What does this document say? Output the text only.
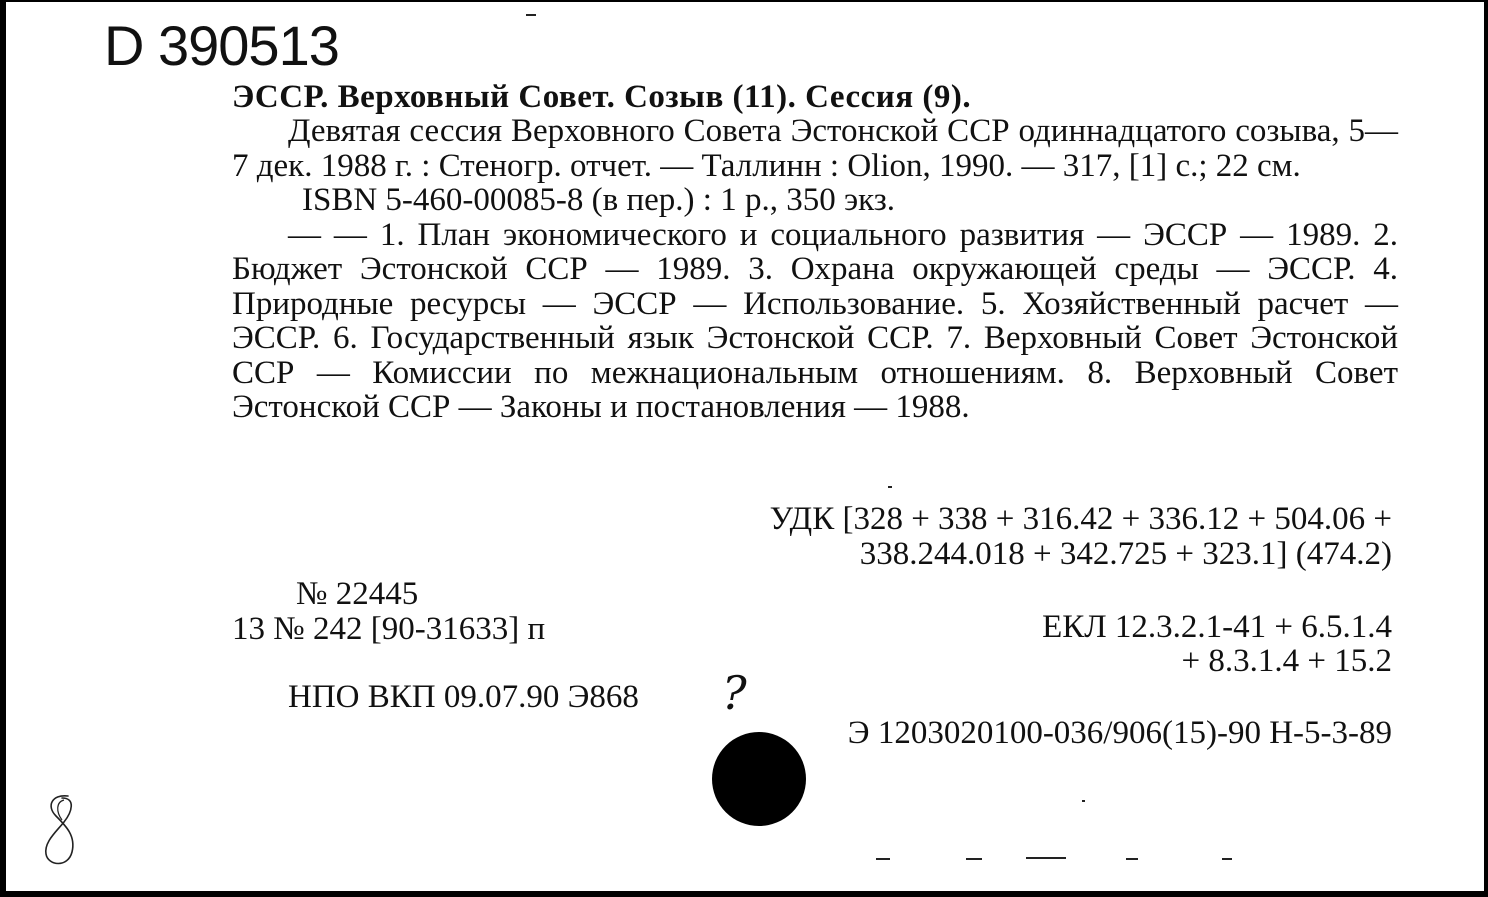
D 390513
ЭССР. Верховный Совет. Созыв (11). Сессия (9).

Девятая сессия Верховного Совета Эстонской ССР одиннадцатого созыва, 5—7 дек. 1988 г. : Стеногр. отчет. — Таллинн : Olion, 1990. — 317, [1] с.; 22 см.

ISBN 5-460-00085-8 (в пер.) : 1 р., 350 экз.

— — 1. План экономического и социального развития — ЭССР — 1989. 2. Бюджет Эстонской ССР — 1989. 3. Охрана окружающей среды — ЭССР. 4. Природные ресурсы — ЭССР — Использование. 5. Хозяйственный расчет — ЭССР. 6. Государственный язык Эстонской ССР. 7. Верховный Совет Эстонской ССР — Комиссии по межнациональным отношениям. 8. Верховный Совет Эстонской ССР — Законы и постановления — 1988.

УДК [328 + 338 + 316.42 + 336.12 + 504.06 +
338.244.018 + 342.725 + 323.1] (474.2)
№ 22445
13 № 242 [90-31633] п	ЕКЛ 12.3.2.1-41 + 6.5.1.4
+ 8.3.1.4 + 15.2
НПО ВКП 09.07.90 Э868 ?
Э 1203020100-036/906(15)-90 Н-5-3-89
